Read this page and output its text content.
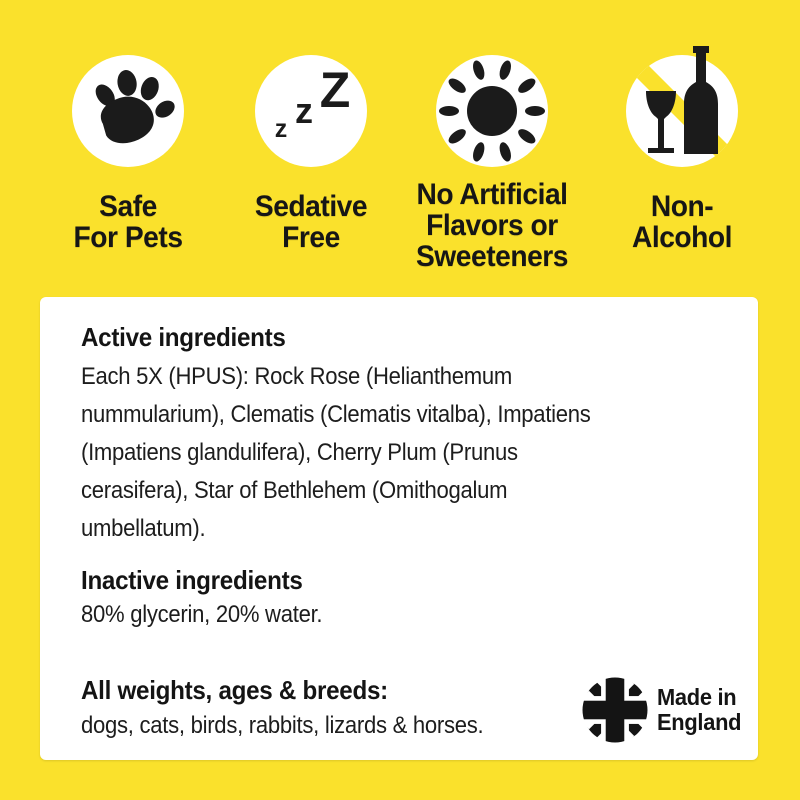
Safe
For Pets
z z Z
Sedative
Free
No Artificial
Flavors or
Sweeteners
Non-
Alcohol
Active ingredients
Each 5X (HPUS): Rock Rose (Helianthemum
nummularium), Clematis (Clematis vitalba), Impatiens
(Impatiens glandulifera), Cherry Plum (Prunus
cerasifera), Star of Bethlehem (Omithogalum
umbellatum).
Inactive ingredients
80% glycerin, 20% water.
All weights, ages & breeds:
dogs, cats, birds, rabbits, lizards & horses.
Made in
England
